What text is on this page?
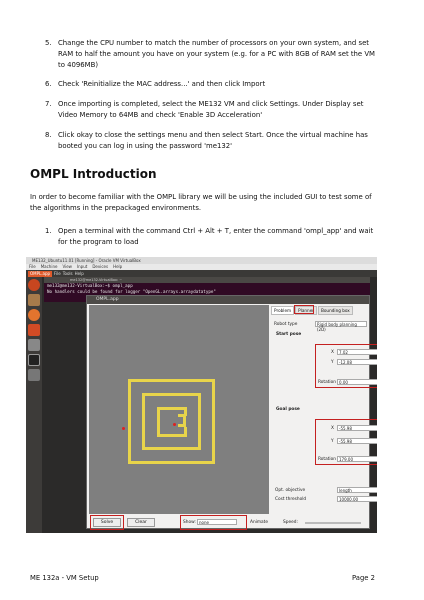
5. Change the CPU number to match the number of processors on your own system, and set RAM to half the amount you have on your system (e.g. for a PC with 8GB of RAM set the VM to 4096MB)
6. Check 'Reinitialize the MAC address...' and then click Import
7. Once importing is completed, select the ME132 VM and click Settings. Under Display set Video Memory to 64MB and check 'Enable 3D Acceleration'
8. Click okay to close the settings menu and then select Start. Once the virtual machine has booted you can log in using the password 'me132'
OMPL Introduction
In order to become familiar with the OMPL library we will be using the included GUI to test some of the algorithms in the prepackaged environments.
1. Open a terminal with the command Ctrl + Alt + T, enter the command 'ompl_app' and wait for the program to load
ME132_Ubuntu11.01 [Running] - Oracle VM VirtualBox
File Machine View Input Devices Help
OMPL.app	File Tools Help
me132@me132-VirtualBox: ~
me132@me132-VirtualBox:~$ ompl_app
No handlers could be found for logger "OpenGL.arrays.arraydatatype"
OMPL.app
Problem	Planner	Bounding box
Robot type	Rigid body planning (2D)
Start pose
X	7.02
Y	-12.08
Rotation 0.00
Goal pose
X	-55.98
Y	-55.98
Rotation 179.00
Opt. objective	length
Cost threshold	10000.00
Solve	Clear	Show: none	Animate	Speed:
ME 132a - VM Setup	Page 2
